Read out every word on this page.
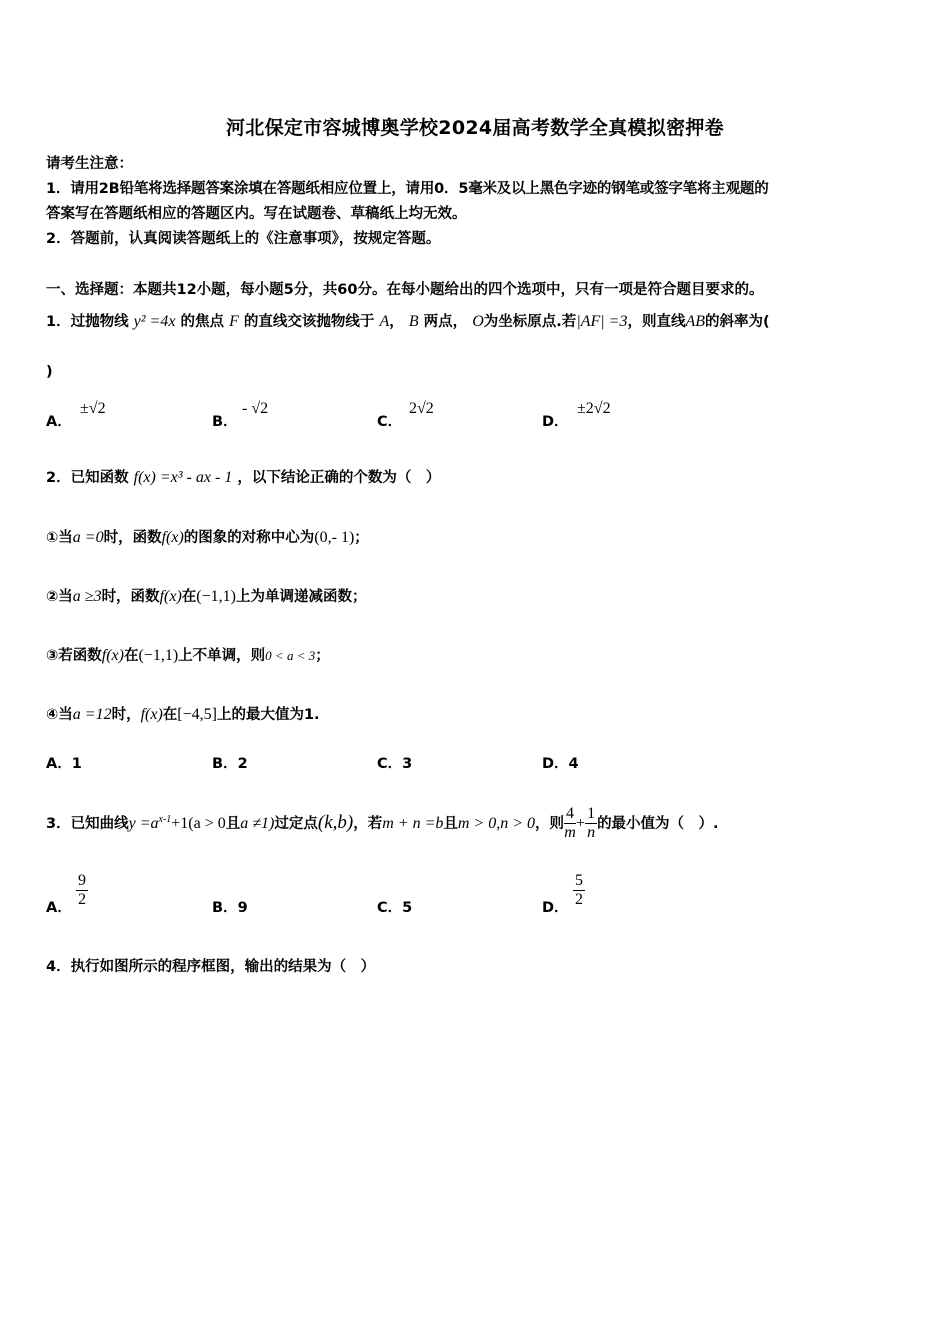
河北保定市容城博奥学校2024届高考数学全真模拟密押卷
请考生注意：
1．请用2B铅笔将选择题答案涂填在答题纸相应位置上，请用0．5毫米及以上黑色字迹的钢笔或签字笔将主观题的
答案写在答题纸相应的答题区内。写在试题卷、草稿纸上均无效。
2．答题前，认真阅读答题纸上的《注意事项》，按规定答题。
一、选择题：本题共12小题，每小题5分，共60分。在每小题给出的四个选项中，只有一项是符合题目要求的。
1．过抛物线 y² =4x 的焦点 F 的直线交该抛物线于 A， B 两点， O为坐标原点.若|AF| =3，则直线AB的斜率为(
)
A．
±√2
B．
- √2
C．
2√2
D．
±2√2
2．已知函数 f(x) =x³ - ax - 1 ，以下结论正确的个数为（　）
①当a =0时，函数f(x)的图象的对称中心为(0,- 1)；
②当a ≥3时，函数f(x)在(−1,1)上为单调递减函数；
③若函数f(x)在(−1,1)上不单调，则0 < a < 3；
④当a =12时，f(x)在[−4,5]上的最大值为1.
A．1	B．2	C．3	D．4
3．已知曲线$y =a^{x-1}+1(a > 0$且a ≠1)过定点(k,b)，若m + n =b且m > 0,n > 0，则 $\frac{4}{m} + \frac{1}{n}$ 的最小值为（　）.
A． $\frac{9}{2}$	B．9	C．5	D． $\frac{5}{2}$
4．执行如图所示的程序框图，输出的结果为（　）
